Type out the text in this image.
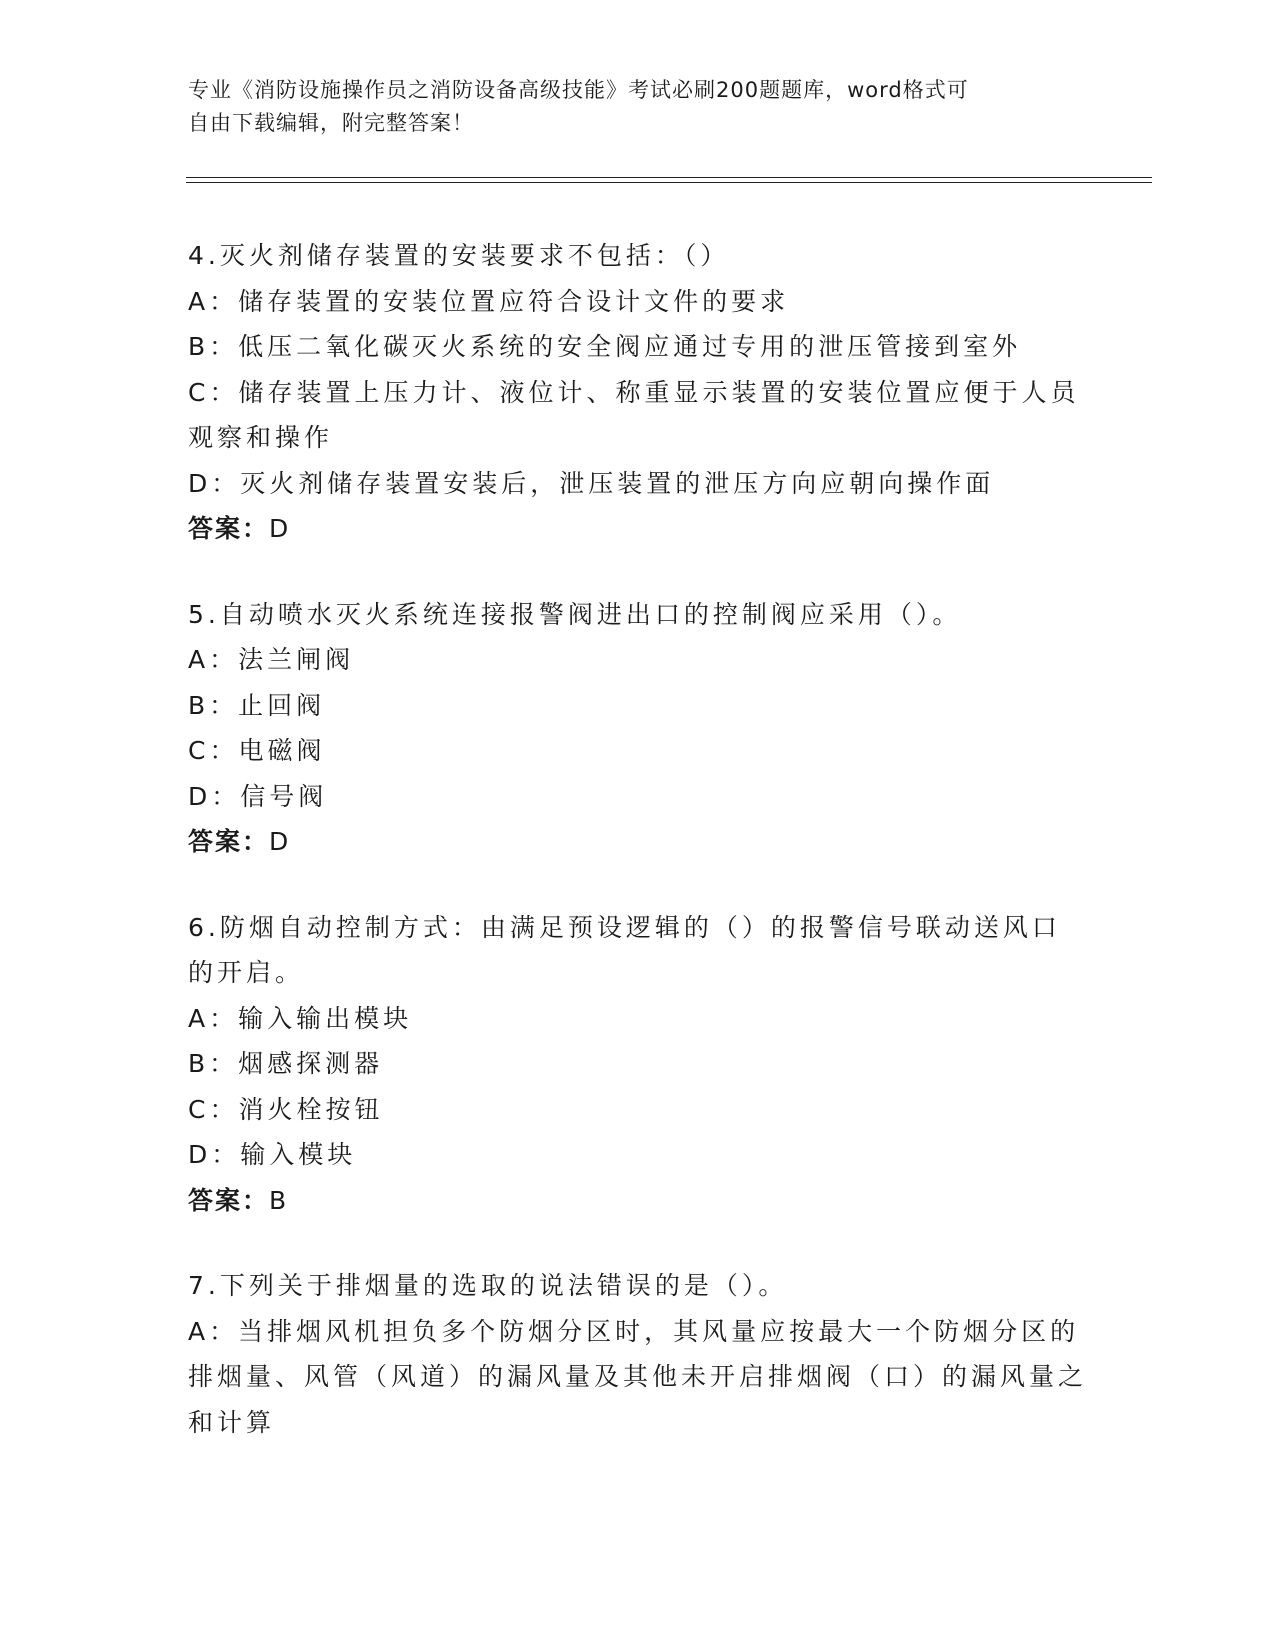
专业《消防设施操作员之消防设备高级技能》考试必刷200题题库，word格式可
自由下载编辑，附完整答案！
4.灭火剂储存装置的安装要求不包括：（）
A：储存装置的安装位置应符合设计文件的要求
B：低压二氧化碳灭火系统的安全阀应通过专用的泄压管接到室外
C：储存装置上压力计、液位计、称重显示装置的安装位置应便于人员观察和操作
D：灭火剂储存装置安装后，泄压装置的泄压方向应朝向操作面
答案：D
5.自动喷水灭火系统连接报警阀进出口的控制阀应采用（）。
A：法兰闸阀
B：止回阀
C：电磁阀
D：信号阀
答案：D
6.防烟自动控制方式：由满足预设逻辑的（）的报警信号联动送风口的开启。
A：输入输出模块
B：烟感探测器
C：消火栓按钮
D：输入模块
答案：B
7.下列关于排烟量的选取的说法错误的是（）。
A：当排烟风机担负多个防烟分区时，其风量应按最大一个防烟分区的排烟量、风管（风道）的漏风量及其他未开启排烟阀（口）的漏风量之和计算
